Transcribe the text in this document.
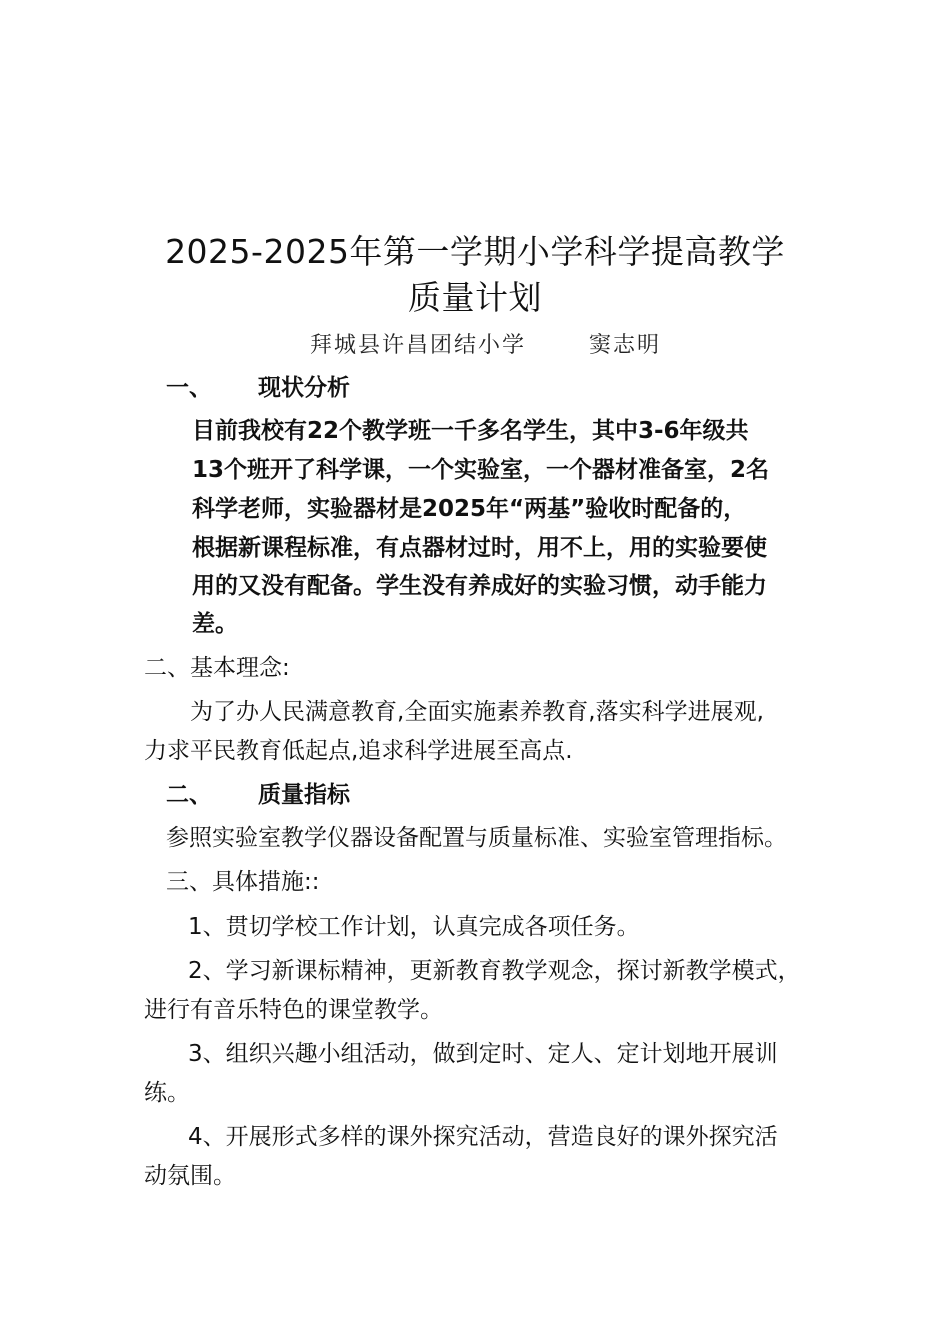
2025-2025年第一学期小学科学提高教学
质量计划
拜城县许昌团结小学       窦志明
一、 现状分析
目前我校有22个教学班一千多名学生，其中3-6年级共
13个班开了科学课，一个实验室，一个器材准备室，2名
科学老师，实验器材是2025年“两基”验收时配备的，
根据新课程标准，有点器材过时，用不上，用的实验要使
用的又没有配备。学生没有养成好的实验习惯，动手能力
差。
二、基本理念:
为了办人民满意教育,全面实施素养教育,落实科学进展观,
力求平民教育低起点,追求科学进展至高点.
二、 质量指标
参照实验室教学仪器设备配置与质量标准、实验室管理指标。
三、具体措施::
1、贯切学校工作计划，认真完成各项任务。
2、学习新课标精神，更新教育教学观念，探讨新教学模式，
进行有音乐特色的课堂教学。
3、组织兴趣小组活动，做到定时、定人、定计划地开展训
练。
4、开展形式多样的课外探究活动，营造良好的课外探究活
动氛围。
